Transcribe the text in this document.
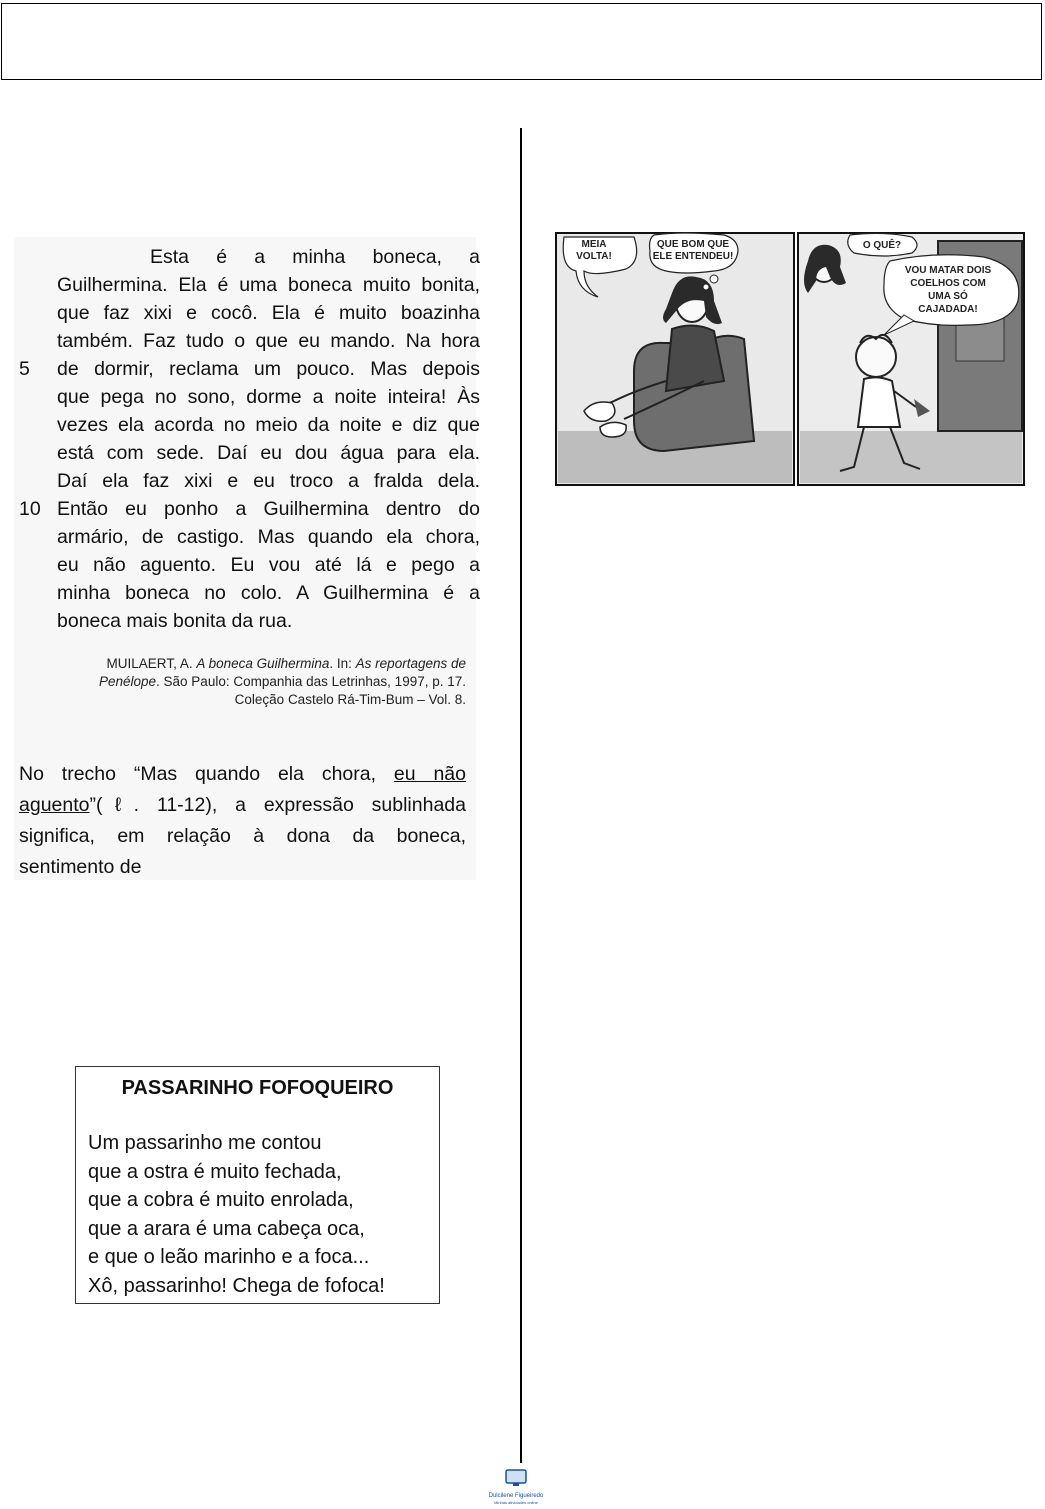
Esta é a minha boneca, a
Guilhermina. Ela é uma boneca muito bonita,
que faz xixi e cocô. Ela é muito boazinha
também. Faz tudo o que eu mando. Na hora
5 de dormir, reclama um pouco. Mas depois
que pega no sono, dorme a noite inteira! Às
vezes ela acorda no meio da noite e diz que
está com sede. Daí eu dou água para ela.
Daí ela faz xixi e eu troco a fralda dela.
10 Então eu ponho a Guilhermina dentro do
armário, de castigo. Mas quando ela chora,
eu não aguento. Eu vou até lá e pego a
minha boneca no colo. A Guilhermina é a
boneca mais bonita da rua.
MUILAERT, A. A boneca Guilhermina. In: As reportagens de Penélope. São Paulo: Companhia das Letrinhas, 1997, p. 17. Coleção Castelo Rá-Tim-Bum – Vol. 8.
No trecho “Mas quando ela chora, eu não
aguento”(ℓ. 11-12), a expressão sublinhada
significa, em relação à dona da boneca,
sentimento de
PASSARINHO FOFOQUEIRO
Um passarinho me contou
que a ostra é muito fechada,
que a cobra é muito enrolada,
que a arara é uma cabeça oca,
e que o leão marinho e a foca...
Xô, passarinho! Chega de fofoca!
MEIA
VOLTA!
QUE BOM QUE
ELE ENTENDEU!
O QUÊ?
VOU MATAR DOIS
COELHOS COM
UMA SÓ
CAJADADA!
Dulcilene Figueiredo
Minhas atividades online
